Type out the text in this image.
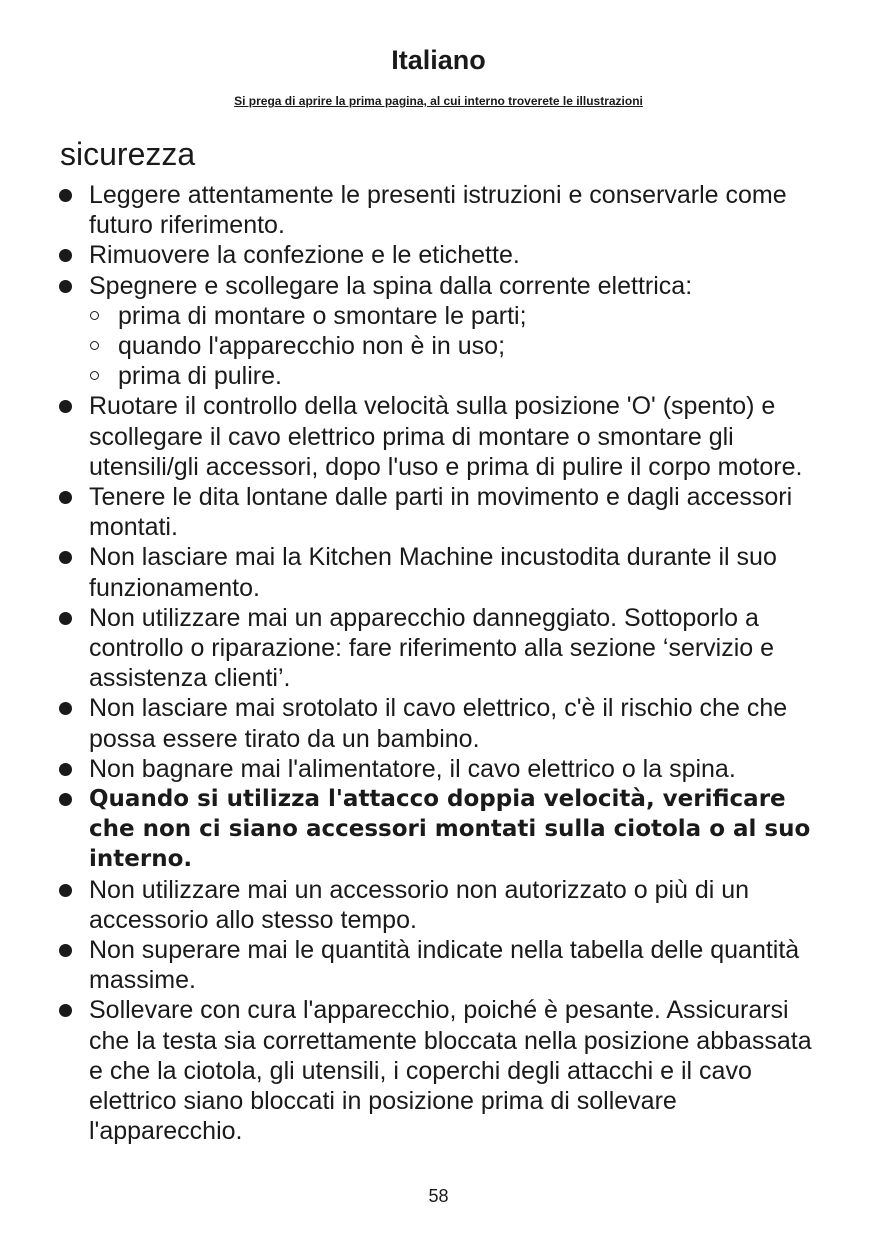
Italiano
Si prega di aprire la prima pagina, al cui interno troverete le illustrazioni
sicurezza
Leggere attentamente le presenti istruzioni e conservarle come futuro riferimento.
Rimuovere la confezione e le etichette.
Spegnere e scollegare la spina dalla corrente elettrica:
prima di montare o smontare le parti;
quando l'apparecchio non è in uso;
prima di pulire.
Ruotare il controllo della velocità sulla posizione 'O' (spento) e scollegare il cavo elettrico prima di montare o smontare gli utensili/gli accessori, dopo l'uso e prima di pulire il corpo motore.
Tenere le dita lontane dalle parti in movimento e dagli accessori montati.
Non lasciare mai la Kitchen Machine incustodita durante il suo funzionamento.
Non utilizzare mai un apparecchio danneggiato. Sottoporlo a controllo o riparazione: fare riferimento alla sezione ‘servizio e assistenza clienti’.
Non lasciare mai srotolato il cavo elettrico, c'è il rischio che che possa essere tirato da un bambino.
Non bagnare mai l'alimentatore, il cavo elettrico o la spina.
Quando si utilizza l'attacco doppia velocità, verificare che non ci siano accessori montati sulla ciotola o al suo interno.
Non utilizzare mai un accessorio non autorizzato o più di un accessorio allo stesso tempo.
Non superare mai le quantità indicate nella tabella delle quantità massime.
Sollevare con cura l'apparecchio, poiché è pesante. Assicurarsi che la testa sia correttamente bloccata nella posizione abbassata e che la ciotola, gli utensili, i coperchi degli attacchi e il cavo elettrico siano bloccati in posizione prima di sollevare l'apparecchio.
58
